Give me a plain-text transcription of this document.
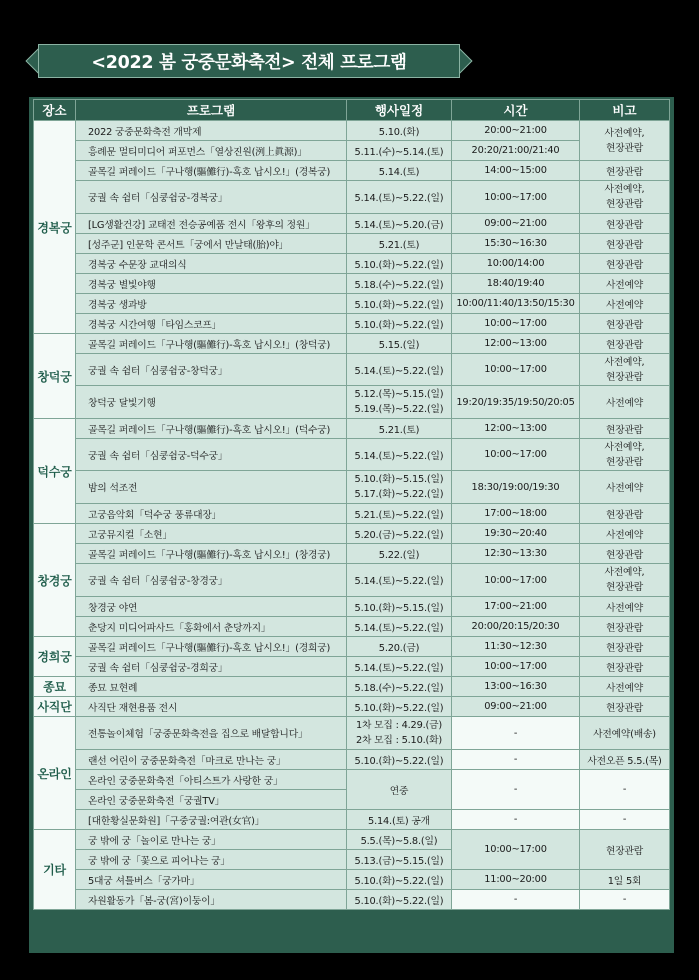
<2022 봄 궁중문화축전> 전체 프로그램
장소	프로그램	행사일정	시간	비고
경복궁	2022 궁중문화축전 개막제	5.10.(화)	20:00~21:00	사전예약,
현장관람

	흥례문 멀티미디어 퍼포먼스「열상진원(洌上眞源)」	5.11.(수)~5.14.(토)	20:20/21:00/21:40	
	골목길 퍼레이드「구나행(驅儺行)-흑호 납시오!」(경복궁)	5.14.(토)	14:00~15:00	현장관람
	궁궐 속 쉼터「심쿵쉼궁-경복궁」	5.14.(토)~5.22.(일)	10:00~17:00	사전예약,
현장관람

	[LG생활건강] 교태전 전승공예품 전시「왕후의 정원」	5.14.(토)~5.20.(금)	09:00~21:00	현장관람
	[성주군] 인문학 콘서트「궁에서 만날태(胎)야」	5.21.(토)	15:30~16:30	현장관람
	경복궁 수문장 교대의식	5.10.(화)~5.22.(일)	10:00/14:00	현장관람
	경복궁 별빛야행	5.18.(수)~5.22.(일)	18:40/19:40	사전예약
	경복궁 생과방	5.10.(화)~5.22.(일)	10:00/11:40/13:50/15:30	사전예약
	경복궁 시간여행「타임스코프」	5.10.(화)~5.22.(일)	10:00~17:00	현장관람
창덕궁	골목길 퍼레이드「구나행(驅儺行)-흑호 납시오!」(창덕궁)	5.15.(일)	12:00~13:00	현장관람
	궁궐 속 쉼터「심쿵쉼궁-창덕궁」	5.14.(토)~5.22.(일)	10:00~17:00	사전예약,
현장관람

	창덕궁 달빛기행	5.12.(목)~5.15.(일)
5.19.(목)~5.22.(일)	19:20/19:35/19:50/20:05	사전예약
덕수궁	골목길 퍼레이드「구나행(驅儺行)-흑호 납시오!」(덕수궁)	5.21.(토)	12:00~13:00	현장관람
	궁궐 속 쉼터「심쿵쉼궁-덕수궁」	5.14.(토)~5.22.(일)	10:00~17:00	사전예약,
현장관람

	밤의 석조전	5.10.(화)~5.15.(일)
5.17.(화)~5.22.(일)	18:30/19:00/19:30	사전예약
	고궁음악회「덕수궁 풍류대장」	5.21.(토)~5.22.(일)	17:00~18:00	현장관람
창경궁	고궁뮤지컬「소현」	5.20.(금)~5.22.(일)	19:30~20:40	사전예약
	골목길 퍼레이드「구나행(驅儺行)-흑호 납시오!」(창경궁)	5.22.(일)	12:30~13:30	현장관람
	궁궐 속 쉼터「심쿵쉼궁-창경궁」	5.14.(토)~5.22.(일)	10:00~17:00	사전예약,
현장관람

	창경궁 야연	5.10.(화)~5.15.(일)	17:00~21:00	사전예약
	춘당지 미디어파사드「홍화에서 춘당까지」	5.14.(토)~5.22.(일)	20:00/20:15/20:30	현장관람
경희궁	골목길 퍼레이드「구나행(驅儺行)-흑호 납시오!」(경희궁)	5.20.(금)	11:30~12:30	현장관람
	궁궐 속 쉼터「심쿵쉼궁-경희궁」	5.14.(토)~5.22.(일)	10:00~17:00	현장관람
종묘	종묘 묘현례	5.18.(수)~5.22.(일)	13:00~16:30	사전예약
사직단	사직단 재현용품 전시	5.10.(화)~5.22.(일)	09:00~21:00	현장관람
온라인	전통놀이체험「궁중문화축전을 집으로 배달합니다」	1차 모집 : 4.29.(금)
2차 모집 : 5.10.(화)	-	사전예약(배송)
	랜선 어린이 궁중문화축전「마크로 만나는 궁」	5.10.(화)~5.22.(일)	-	사전오픈 5.5.(목)
	온라인 궁중문화축전「아티스트가 사랑한 궁」	연중	-	-
	온라인 궁중문화축전「궁궐TV」			
	[대한황실문화원]「구중궁궐:여관(女官)」	5.14.(토) 공개	-	-
기타	궁 밖에 궁「놀이로 만나는 궁」	5.5.(목)~5.8.(일)	10:00~17:00	현장관람
	궁 밖에 궁「꽃으로 피어나는 궁」	5.13.(금)~5.15.(일)		
	5대궁 셔틀버스「궁가마」	5.10.(화)~5.22.(일)	11:00~20:00	1일 5회
	자원활동가「봄-궁(宮)이둥이」	5.10.(화)~5.22.(일)	-	-
